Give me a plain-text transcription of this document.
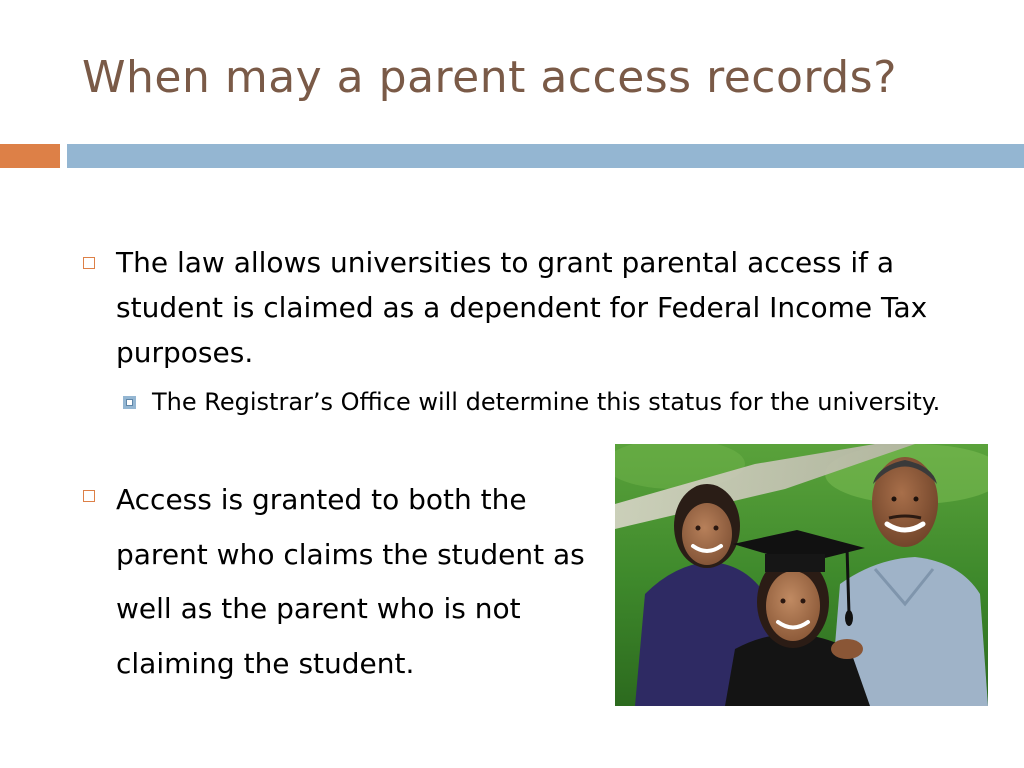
When may a parent access records?
The law allows universities to grant parental access if a student is claimed as a dependent for Federal Income Tax purposes.
The Registrar’s Office will determine this status for the university.
Access is granted to both the parent who claims the student as well as the parent who is not claiming the student.
